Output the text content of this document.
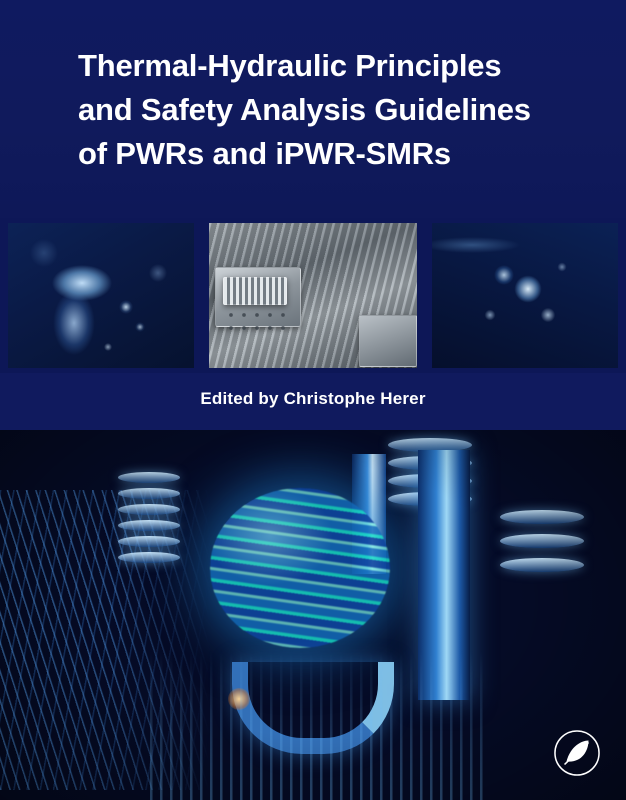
Thermal-Hydraulic Principles
and Safety Analysis Guidelines
of PWRs and iPWR-SMRs
Edited by Christophe Herer
